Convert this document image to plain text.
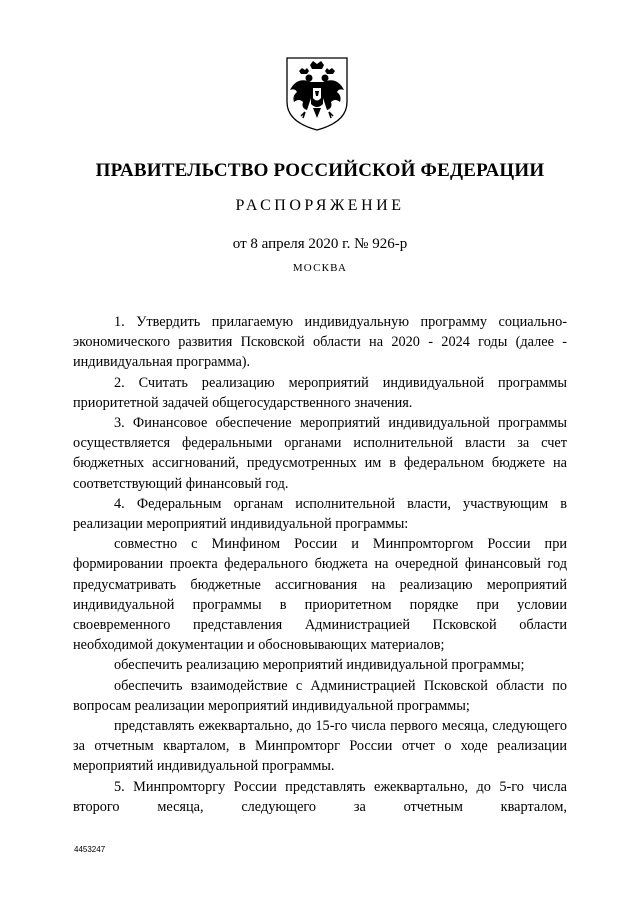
ПРАВИТЕЛЬСТВО РОССИЙСКОЙ ФЕДЕРАЦИИ
РАСПОРЯЖЕНИЕ
от 8 апреля 2020 г. № 926-р
МОСКВА

1. Утвердить прилагаемую индивидуальную программу социально-экономического развития Псковской области на 2020 - 2024 годы (далее - индивидуальная программа).

2. Считать реализацию мероприятий индивидуальной программы приоритетной задачей общегосударственного значения.

3. Финансовое обеспечение мероприятий индивидуальной программы осуществляется федеральными органами исполнительной власти за счет бюджетных ассигнований, предусмотренных им в федеральном бюджете на соответствующий финансовый год.

4. Федеральным органам исполнительной власти, участвующим в реализации мероприятий индивидуальной программы:

совместно с Минфином России и Минпромторгом России при формировании проекта федерального бюджета на очередной финансовый год предусматривать бюджетные ассигнования на реализацию мероприятий индивидуальной программы в приоритетном порядке при условии своевременного представления Администрацией Псковской области необходимой документации и обосновывающих материалов;

обеспечить реализацию мероприятий индивидуальной программы;

обеспечить взаимодействие с Администрацией Псковской области по вопросам реализации мероприятий индивидуальной программы;

представлять ежеквартально, до 15-го числа первого месяца, следующего за отчетным кварталом, в Минпромторг России отчет о ходе реализации мероприятий индивидуальной программы.

5. Минпромторгу России представлять ежеквартально, до 5-го числа второго месяца, следующего за отчетным кварталом,

4453247
